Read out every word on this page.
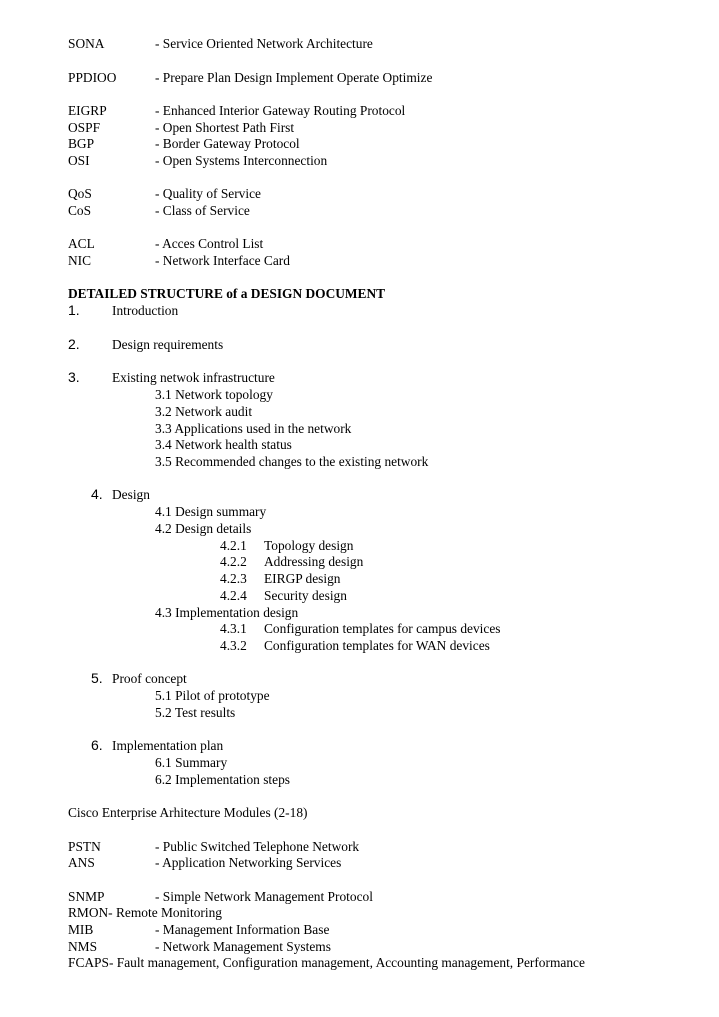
SONA	- Service Oriented Network Architecture
PPDIOO	- Prepare Plan Design Implement Operate Optimize
EIGRP	- Enhanced Interior Gateway Routing Protocol
OSPF	- Open Shortest Path First
BGP	- Border Gateway Protocol
OSI	- Open Systems Interconnection
QoS	- Quality of Service
CoS	- Class of Service
ACL	- Acces Control List
NIC	- Network Interface Card
DETAILED STRUCTURE of a DESIGN DOCUMENT
1. Introduction
2. Design requirements
3. Existing netwok infrastructure
3.1 Network topology
3.2 Network audit
3.3 Applications used in the network
3.4 Network health status
3.5 Recommended changes to the existing network
4. Design
4.1 Design summary
4.2 Design details
4.2.1 Topology design
4.2.2 Addressing design
4.2.3 EIRGP design
4.2.4 Security design
4.3 Implementation design
4.3.1 Configuration templates for campus devices
4.3.2 Configuration templates for WAN devices
5. Proof concept
5.1 Pilot of prototype
5.2 Test results
6. Implementation plan
6.1 Summary
6.2 Implementation steps
Cisco Enterprise Arhitecture Modules (2-18)
PSTN	- Public Switched Telephone Network
ANS	- Application Networking Services
SNMP	- Simple Network Management Protocol
RMON- Remote Monitoring
MIB	- Management Information Base
NMS	- Network Management Systems
FCAPS- Fault management, Configuration management, Accounting management, Performance
